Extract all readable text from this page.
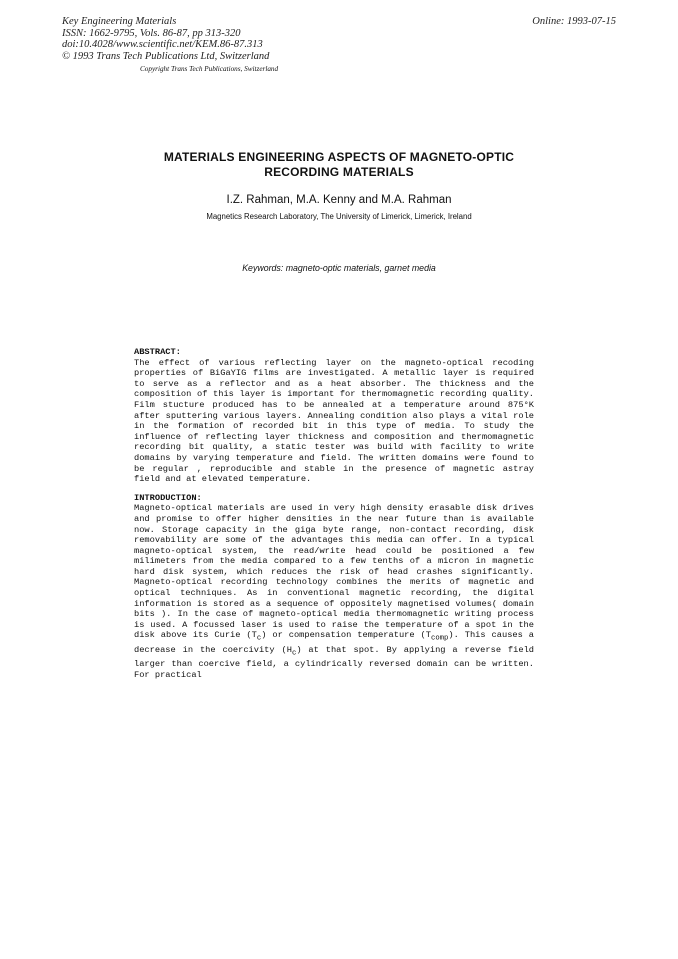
Key Engineering Materials
ISSN: 1662-9795, Vols. 86-87, pp 313-320
doi:10.4028/www.scientific.net/KEM.86-87.313
© 1993 Trans Tech Publications Ltd, Switzerland
Online: 1993-07-15
Copyright Trans Tech Publications, Switzerland
MATERIALS ENGINEERING ASPECTS OF MAGNETO-OPTIC
RECORDING MATERIALS
I.Z. Rahman, M.A. Kenny and M.A. Rahman
Magnetics Research Laboratory, The University of Limerick, Limerick, Ireland
Keywords: magneto-optic materials, garnet media
ABSTRACT:

The effect of various reflecting layer on the magneto-optical recoding properties of BiGaYIG films are investigated. A metallic layer is required to serve as a reflector and as a heat absorber. The thickness and the composition of this layer is important for thermomagnetic recording quality. Film stucture produced has to be annealed at a temperature around 875°K after sputtering various layers. Annealing condition also plays a vital role in the formation of recorded bit in this type of media. To study the influence of reflecting layer thickness and composition and thermomagnetic recording bit quality, a static tester was build with facility to write domains by varying temperature and field. The written domains were found to be regular , reproducible and stable in the presence of magnetic astray field and at elevated temperature.

INTRODUCTION:

Magneto-optical materials are used in very high density erasable disk drives and promise to offer higher densities in the near future than is available now. Storage capacity in the giga byte range, non-contact recording, disk removability are some of the advantages this media can offer. In a typical magneto-optical system, the read/write head could be positioned a few milimeters from the media compared to a few tenths of a micron in magnetic hard disk system, which reduces the risk of head crashes significantly. Magneto-optical recording technology combines the merits of magnetic and optical techniques. As in conventional magnetic recording, the digital information is stored as a sequence of oppositely magnetised volumes( domain bits ). In the case of magneto-optical media thermomagnetic writing process is used. A focussed laser is used to raise the temperature of a spot in the disk above its Curie $(T_c)$ or compensation temperature $(T_{comp})$. This causes a decrease in the coercivity $(H_c)$ at that spot. By applying a reverse field larger than coercive field, a cylindrically reversed domain can be written. For practical
